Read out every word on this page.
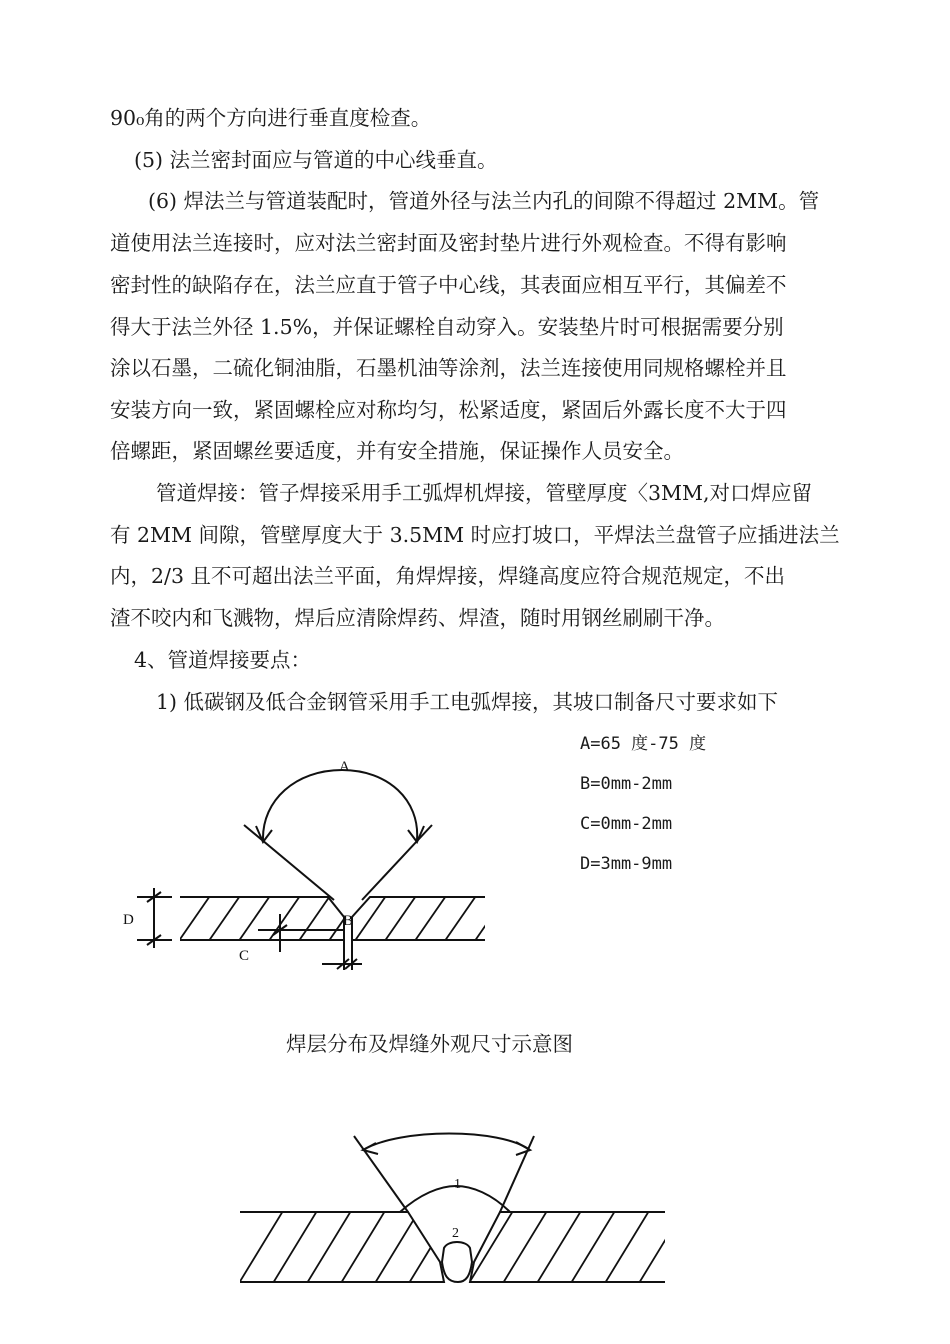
90₀角的两个方向进行垂直度检查。
(5) 法兰密封面应与管道的中心线垂直。
(6) 焊法兰与管道装配时，管道外径与法兰内孔的间隙不得超过 2MM。管
道使用法兰连接时，应对法兰密封面及密封垫片进行外观检查。不得有影响
密封性的缺陷存在，法兰应直于管子中心线，其表面应相互平行，其偏差不
得大于法兰外径 1.5%，并保证螺栓自动穿入。安装垫片时可根据需要分别
涂以石墨，二硫化铜油脂，石墨机油等涂剂，法兰连接使用同规格螺栓并且
安装方向一致，紧固螺栓应对称均匀，松紧适度，紧固后外露长度不大于四
倍螺距，紧固螺丝要适度，并有安全措施，保证操作人员安全。
管道焊接：管子焊接采用手工弧焊机焊接，管壁厚度〈3MM,对口焊应留
有 2MM 间隙，管壁厚度大于 3.5MM 时应打坡口，平焊法兰盘管子应插进法兰
内，2/3 且不可超出法兰平面，角焊焊接，焊缝高度应符合规范规定，不出
渣不咬内和飞溅物，焊后应清除焊药、焊渣，随时用钢丝刷刷干净。
4、管道焊接要点：
1) 低碳钢及低合金钢管采用手工电弧焊接，其坡口制备尺寸要求如下
A=65 度-75 度
B=0mm-2mm
C=0mm-2mm
D=3mm-9mm
A
B
C
D
焊层分布及焊缝外观尺寸示意图
1
2
